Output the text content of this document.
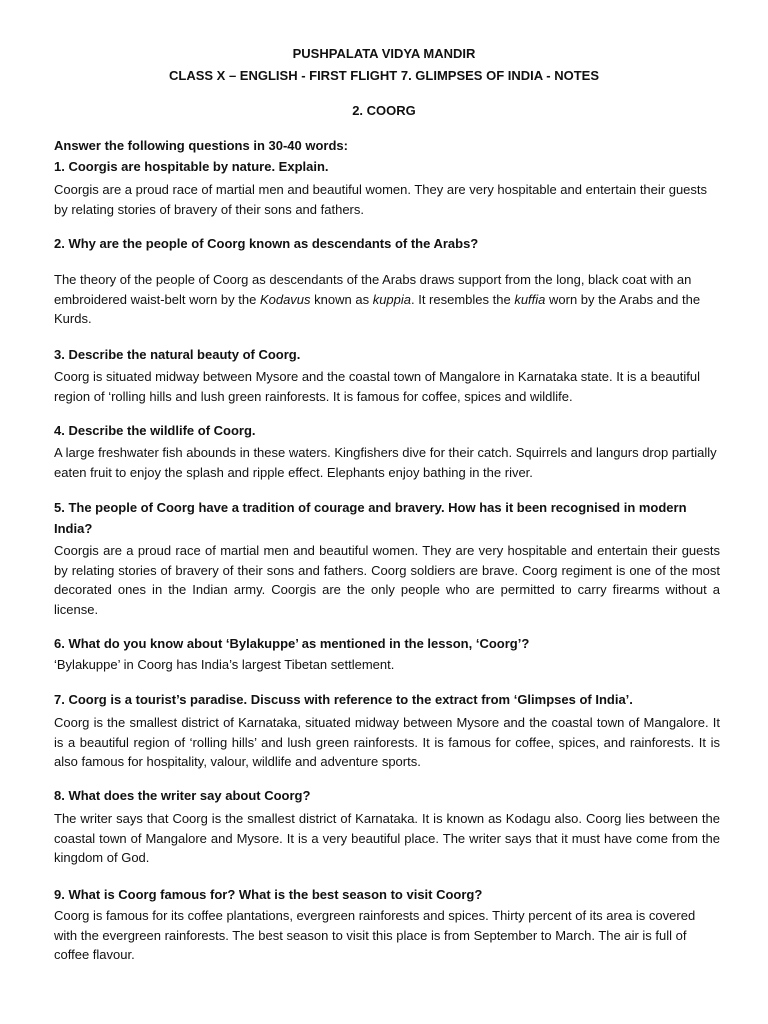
PUSHPALATA VIDYA MANDIR

CLASS X – ENGLISH - FIRST FLIGHT 7. GLIMPSES OF INDIA - NOTES

2. COORG

Answer the following questions in 30-40 words:

1. Coorgis are hospitable by nature. Explain.

Coorgis are a proud race of martial men and beautiful women. They are very hospitable and entertain their guests by relating stories of bravery of their sons and fathers.

2. Why are the people of Coorg known as descendants of the Arabs?

The theory of the people of Coorg as descendants of the Arabs draws support from the long, black coat with an embroidered waist-belt worn by the Kodavus known as kuppia. It resembles the kuffia worn by the Arabs and the Kurds.

3. Describe the natural beauty of Coorg.

Coorg is situated midway between Mysore and the coastal town of Mangalore in Karnataka state. It is a beautiful region of ‘rolling hills and lush green rainforests. It is famous for coffee, spices and wildlife.

4. Describe the wildlife of Coorg.

A large freshwater fish abounds in these waters. Kingfishers dive for their catch. Squirrels and langurs drop partially eaten fruit to enjoy the splash and ripple effect. Elephants enjoy bathing in the river.

5. The people of Coorg have a tradition of courage and bravery. How has it been recognised in modern India?

Coorgis are a proud race of martial men and beautiful women. They are very hospitable and entertain their guests by relating stories of bravery of their sons and fathers. Coorg soldiers are brave. Coorg regiment is one of the most decorated ones in the Indian army. Coorgis are the only people who are permitted to carry firearms without a license.

6. What do you know about ‘Bylakuppe’ as mentioned in the lesson, ‘Coorg’?

‘Bylakuppe’ in Coorg has India’s largest Tibetan settlement.

7. Coorg is a tourist’s paradise. Discuss with reference to the extract from ‘Glimpses of India’.

Coorg is the smallest district of Karnataka, situated midway between Mysore and the coastal town of Mangalore. It is a beautiful region of ‘rolling hills’ and lush green rainforests. It is famous for coffee, spices, and rainforests. It is also famous for hospitality, valour, wildlife and adventure sports.

8. What does the writer say about Coorg?

The writer says that Coorg is the smallest district of Karnataka. It is known as Kodagu also. Coorg lies between the coastal town of Mangalore and Mysore. It is a very beautiful place. The writer says that it must have come from the kingdom of God.

9. What is Coorg famous for? What is the best season to visit Coorg?

Coorg is famous for its coffee plantations, evergreen rainforests and spices. Thirty percent of its area is covered with the evergreen rainforests. The best season to visit this place is from September to March. The air is full of coffee flavour.
